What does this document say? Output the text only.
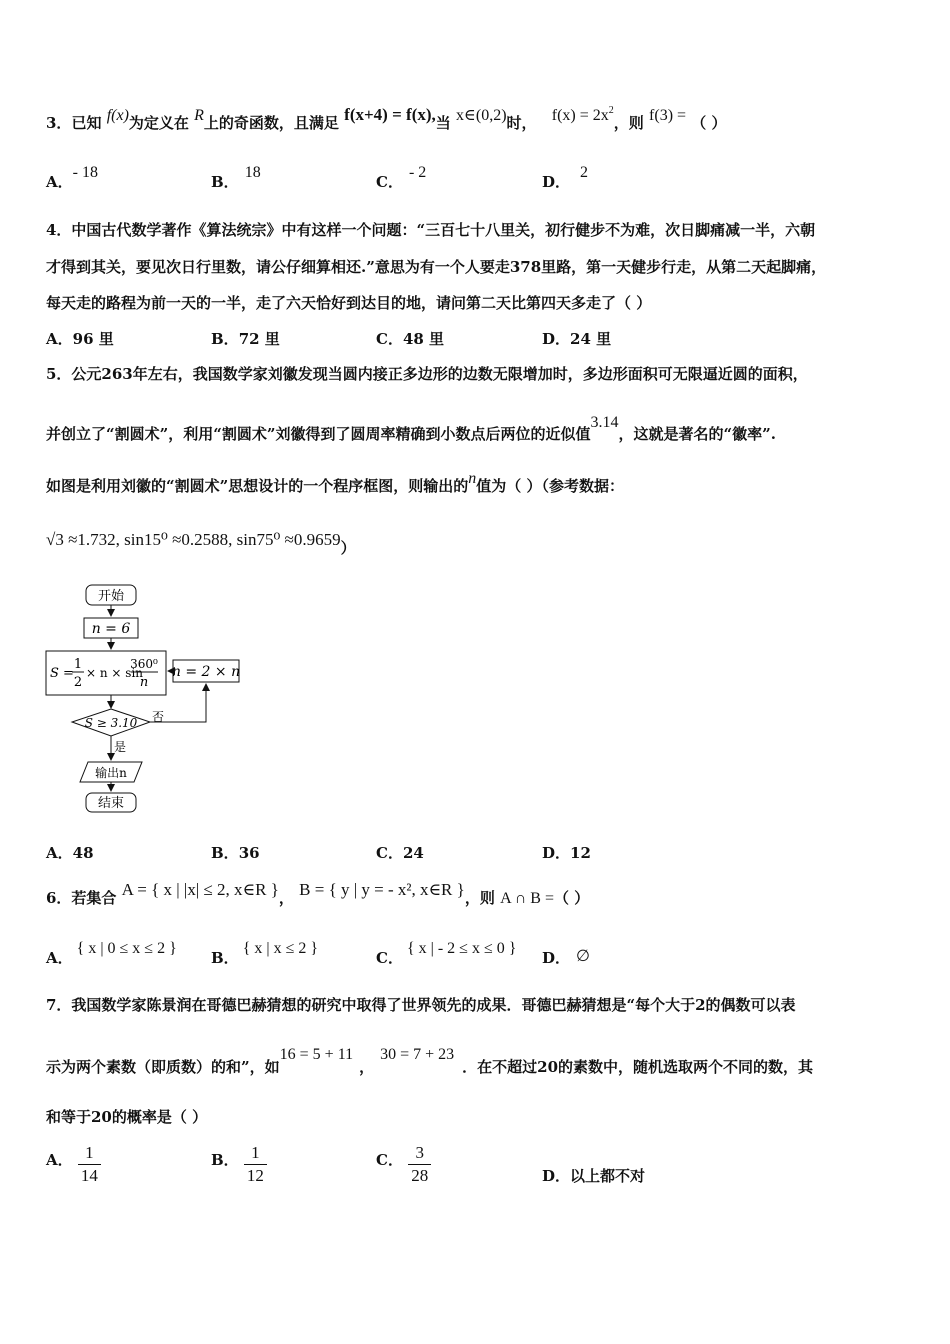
3．已知 f(x)为定义在 R上的奇函数，且满足 f(x+4) = f(x),当 x∈(0,2)时， $f(x) = 2x^2$，则 f(3) = （ ）
A．- 18
B．18
C．- 2
D．2
4．中国古代数学著作《算法统宗》中有这样一个问题：“三百七十八里关，初行健步不为难，次日脚痛减一半，六朝
才得到其关，要见次日行里数，请公仔细算相还.”意思为有一个人要走378里路，第一天健步行走，从第二天起脚痛，
每天走的路程为前一天的一半，走了六天恰好到达目的地，请问第二天比第四天多走了（ ）
A．96 里	B．72 里	C．48 里	D．24 里
5．公元263年左右，我国数学家刘徽发现当圆内接正多边形的边数无限增加时，多边形面积可无限逼近圆的面积，
并创立了“割圆术”，利用“割圆术”刘徽得到了圆周率精确到小数点后两位的近似值3.14，这就是著名的“徽率”.
如图是利用刘徽的“割圆术”思想设计的一个程序框图，则输出的n值为（ ）（参考数据：
√3 ≈1.732, sin15⁰ ≈0.2588, sin75⁰ ≈0.9659）
开始
n = 6
S =
1
2
× n × sin
360⁰
n
n = 2 × n
S ≥ 3.10 否
是
输出n
结束
A．48	B．36	C．24	D．12
6．若集合 A = { x | |x| ≤ 2, x∈R }， B = { y | y = - x², x∈R }，则 A ∩ B =（ ）
A．{ x | 0 ≤ x ≤ 2 }
B．{ x | x ≤ 2 }
C．{ x | - 2 ≤ x ≤ 0 }
D． ∅
7．我国数学家陈景润在哥德巴赫猜想的研究中取得了世界领先的成果．哥德巴赫猜想是“每个大于2的偶数可以表
示为两个素数（即质数）的和”，如16 = 5 + 11，30 = 7 + 23．在不超过20的素数中，随机选取两个不同的数，其
和等于20的概率是（ ）
A． $\frac{1}{14}$	B． $\frac{1}{12}$	C． $\frac{3}{28}$	D．以上都不对
